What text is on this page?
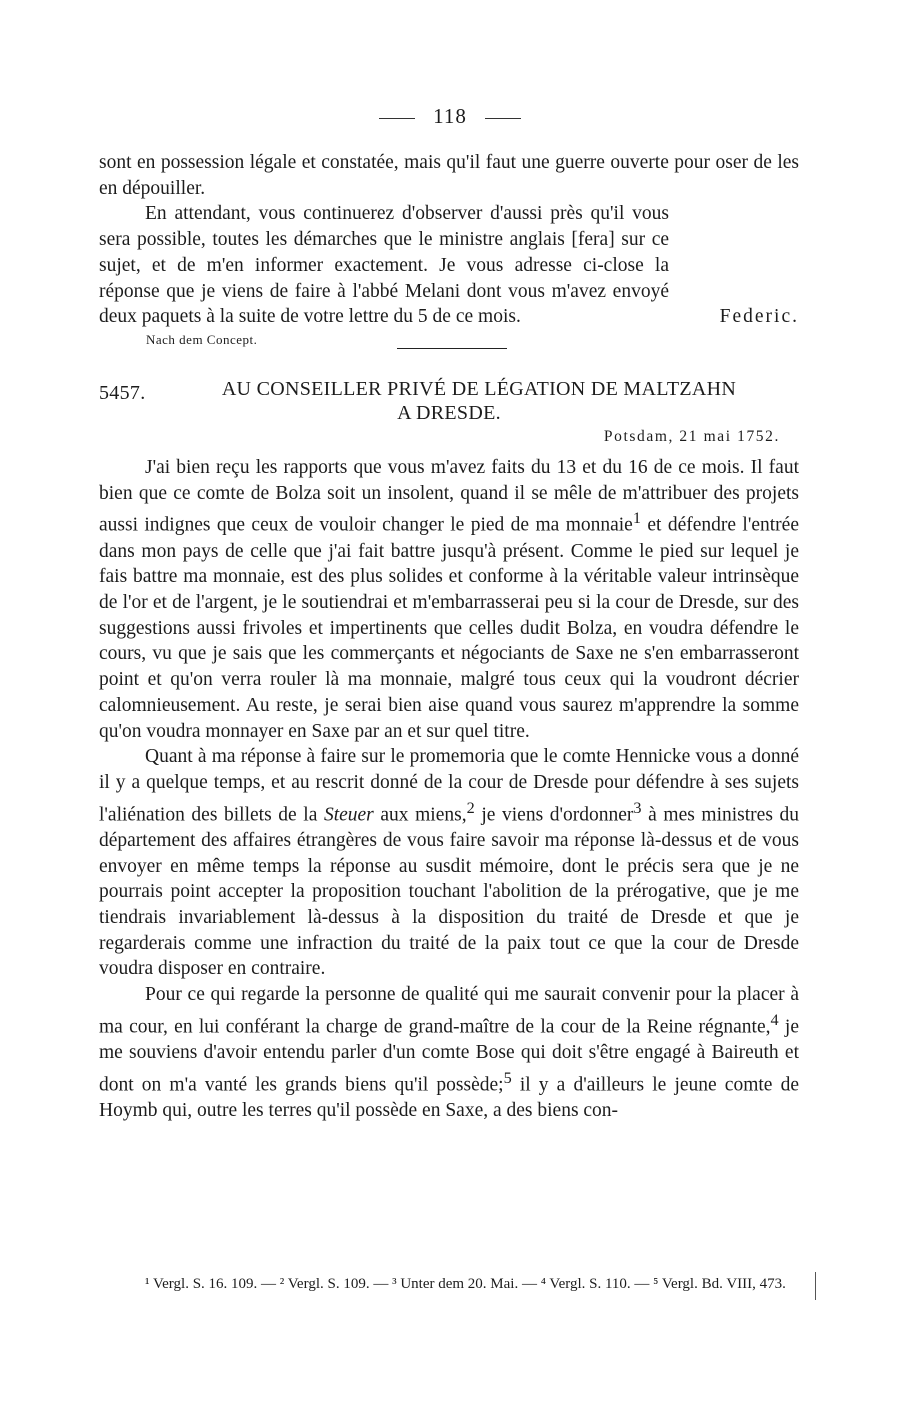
118

sont en possession légale et constatée, mais qu'il faut une guerre ouverte pour oser de les en dépouiller.

En attendant, vous continuerez d'observer d'aussi près qu'il vous sera possible, toutes les démarches que le ministre anglais [fera] sur ce sujet, et de m'en informer exactement. Je vous adresse ci-close la réponse que je viens de faire à l'abbé Melani dont vous m'avez envoyé deux paquets à la suite de votre lettre du 5 de ce mois.	Federic.

Nach dem Concept.
5457.	AU CONSEILLER PRIVÉ DE LÉGATION DE MALTZAHN
A DRESDE.
Potsdam, 21 mai 1752.

J'ai bien reçu les rapports que vous m'avez faits du 13 et du 16 de ce mois. Il faut bien que ce comte de Bolza soit un insolent, quand il se mêle de m'attribuer des projets aussi indignes que ceux de vouloir changer le pied de ma monnaie$^1$ et défendre l'entrée dans mon pays de celle que j'ai fait battre jusqu'à présent. Comme le pied sur lequel je fais battre ma monnaie, est des plus solides et conforme à la véritable valeur intrinsèque de l'or et de l'argent, je le soutiendrai et m'embarrasserai peu si la cour de Dresde, sur des suggestions aussi frivoles et impertinents que celles dudit Bolza, en voudra défendre le cours, vu que je sais que les commerçants et négociants de Saxe ne s'en embarrasseront point et qu'on verra rouler là ma monnaie, malgré tous ceux qui la voudront décrier calomnieusement. Au reste, je serai bien aise quand vous saurez m'apprendre la somme qu'on voudra monnayer en Saxe par an et sur quel titre.

Quant à ma réponse à faire sur le promemoria que le comte Hennicke vous a donné il y a quelque temps, et au rescrit donné de la cour de Dresde pour défendre à ses sujets l'aliénation des billets de la Steuer aux miens,$^2$ je viens d'ordonner$^3$ à mes ministres du département des affaires étrangères de vous faire savoir ma réponse là-dessus et de vous envoyer en même temps la réponse au susdit mémoire, dont le précis sera que je ne pourrais point accepter la proposition touchant l'abolition de la prérogative, que je me tiendrais invariablement là-dessus à la disposition du traité de Dresde et que je regarderais comme une infraction du traité de la paix tout ce que la cour de Dresde voudra disposer en contraire.

Pour ce qui regarde la personne de qualité qui me saurait convenir pour la placer à ma cour, en lui conférant la charge de grand-maître de la cour de la Reine régnante,$^4$ je me souviens d'avoir entendu parler d'un comte Bose qui doit s'être engagé à Baireuth et dont on m'a vanté les grands biens qu'il possède;$^5$ il y a d'ailleurs le jeune comte de Hoymb qui, outre les terres qu'il possède en Saxe, a des biens con-

¹ Vergl. S. 16. 109. — ² Vergl. S. 109. — ³ Unter dem 20. Mai. — ⁴ Vergl. S. 110. — ⁵ Vergl. Bd. VIII, 473.
